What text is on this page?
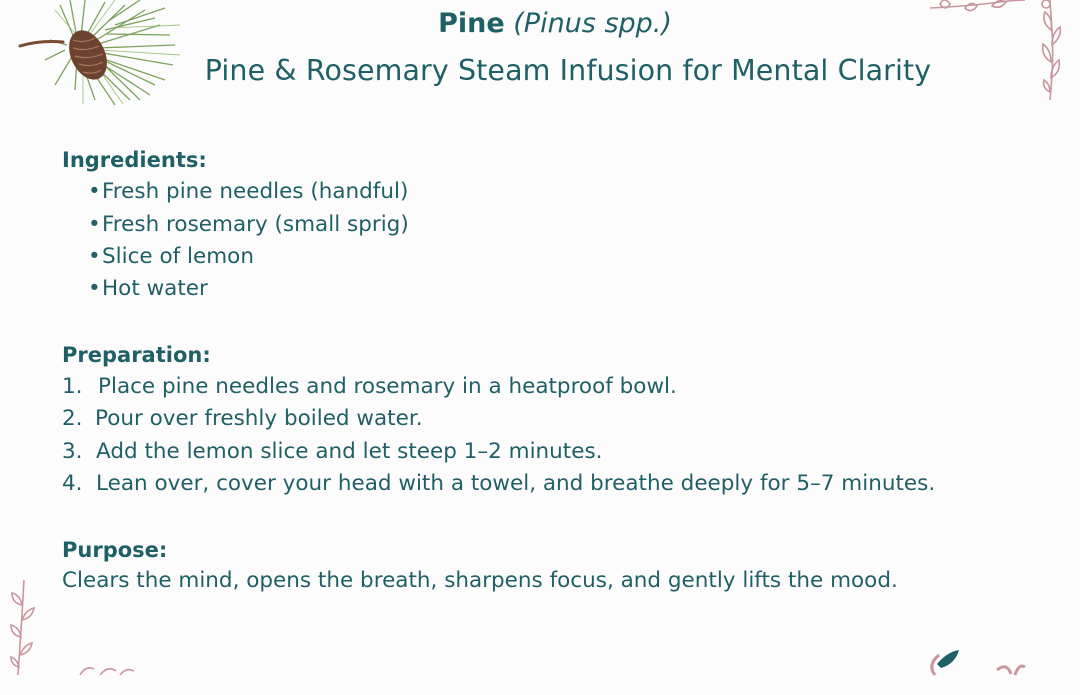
Pine (Pinus spp.)
Pine & Rosemary Steam Infusion for Mental Clarity
Ingredients:
•Fresh pine needles (handful)
•Fresh rosemary (small sprig)
•Slice of lemon
•Hot water
Preparation:
1. Place pine needles and rosemary in a heatproof bowl.
2. Pour over freshly boiled water.
3. Add the lemon slice and let steep 1–2 minutes.
4. Lean over, cover your head with a towel, and breathe deeply for 5–7 minutes.
Purpose:
Clears the mind, opens the breath, sharpens focus, and gently lifts the mood.
